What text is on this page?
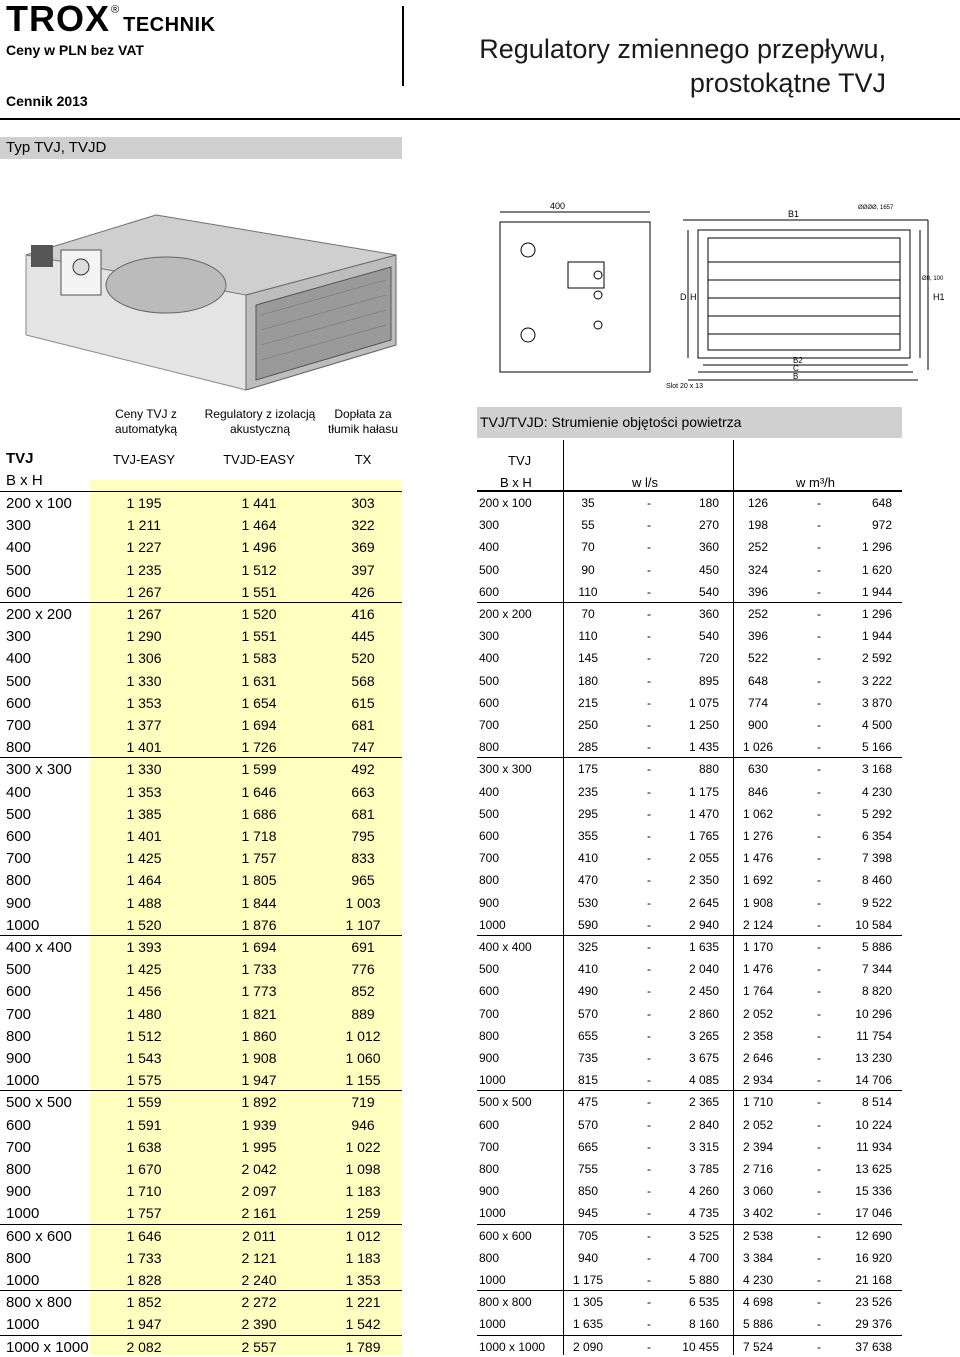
TROX ®
TECHNIK
Ceny w PLN bez VAT
Cennik 2013
Regulatory zmiennego przepływu,
prostokątne TVJ
Typ TVJ, TVJD
400
B1
ØØØØ, 1657
D H
Ø8, 100
H1
B2
C
B
Slot 20 x 13
Ceny TVJ z automatyką
Regulatory z izolacją akustyczną
Dopłata za tłumik hałasu
TVJ
B x H
TVJ-EASY	TVJD-EASY	TX
200 x 100	1 195	1 441	303
300	1 211	1 464	322
400	1 227	1 496	369
500	1 235	1 512	397
600	1 267	1 551	426
200 x 200	1 267	1 520	416
300	1 290	1 551	445
400	1 306	1 583	520
500	1 330	1 631	568
600	1 353	1 654	615
700	1 377	1 694	681
800	1 401	1 726	747
300 x 300	1 330	1 599	492
400	1 353	1 646	663
500	1 385	1 686	681
600	1 401	1 718	795
700	1 425	1 757	833
800	1 464	1 805	965
900	1 488	1 844	1 003
1000	1 520	1 876	1 107
400 x 400	1 393	1 694	691
500	1 425	1 733	776
600	1 456	1 773	852
700	1 480	1 821	889
800	1 512	1 860	1 012
900	1 543	1 908	1 060
1000	1 575	1 947	1 155
500 x 500	1 559	1 892	719
600	1 591	1 939	946
700	1 638	1 995	1 022
800	1 670	2 042	1 098
900	1 710	2 097	1 183
1000	1 757	2 161	1 259
600 x 600	1 646	2 011	1 012
800	1 733	2 121	1 183
1000	1 828	2 240	1 353
800 x 800	1 852	2 272	1 221
1000	1 947	2 390	1 542
1000 x 1000	2 082	2 557	1 789
TVJ/TVJD: Strumienie objętości powietrza
TVJ
B x H	w l/s	w m³/h
200 x 100	35	-	180	126	-	648
300	55	-	270	198	-	972
400	70	-	360	252	-	1 296
500	90	-	450	324	-	1 620
600	110	-	540	396	-	1 944
200 x 200	70	-	360	252	-	1 296
300	110	-	540	396	-	1 944
400	145	-	720	522	-	2 592
500	180	-	895	648	-	3 222
600	215	-	1 075	774	-	3 870
700	250	-	1 250	900	-	4 500
800	285	-	1 435	1 026	-	5 166
300 x 300	175	-	880	630	-	3 168
400	235	-	1 175	846	-	4 230
500	295	-	1 470	1 062	-	5 292
600	355	-	1 765	1 276	-	6 354
700	410	-	2 055	1 476	-	7 398
800	470	-	2 350	1 692	-	8 460
900	530	-	2 645	1 908	-	9 522
1000	590	-	2 940	2 124	-	10 584
400 x 400	325	-	1 635	1 170	-	5 886
500	410	-	2 040	1 476	-	7 344
600	490	-	2 450	1 764	-	8 820
700	570	-	2 860	2 052	-	10 296
800	655	-	3 265	2 358	-	11 754
900	735	-	3 675	2 646	-	13 230
1000	815	-	4 085	2 934	-	14 706
500 x 500	475	-	2 365	1 710	-	8 514
600	570	-	2 840	2 052	-	10 224
700	665	-	3 315	2 394	-	11 934
800	755	-	3 785	2 716	-	13 625
900	850	-	4 260	3 060	-	15 336
1000	945	-	4 735	3 402	-	17 046
600 x 600	705	-	3 525	2 538	-	12 690
800	940	-	4 700	3 384	-	16 920
1000	1 175	-	5 880	4 230	-	21 168
800 x 800	1 305	-	6 535	4 698	-	23 526
1000	1 635	-	8 160	5 886	-	29 376
1000 x 1000	2 090	-	10 455	7 524	-	37 638
